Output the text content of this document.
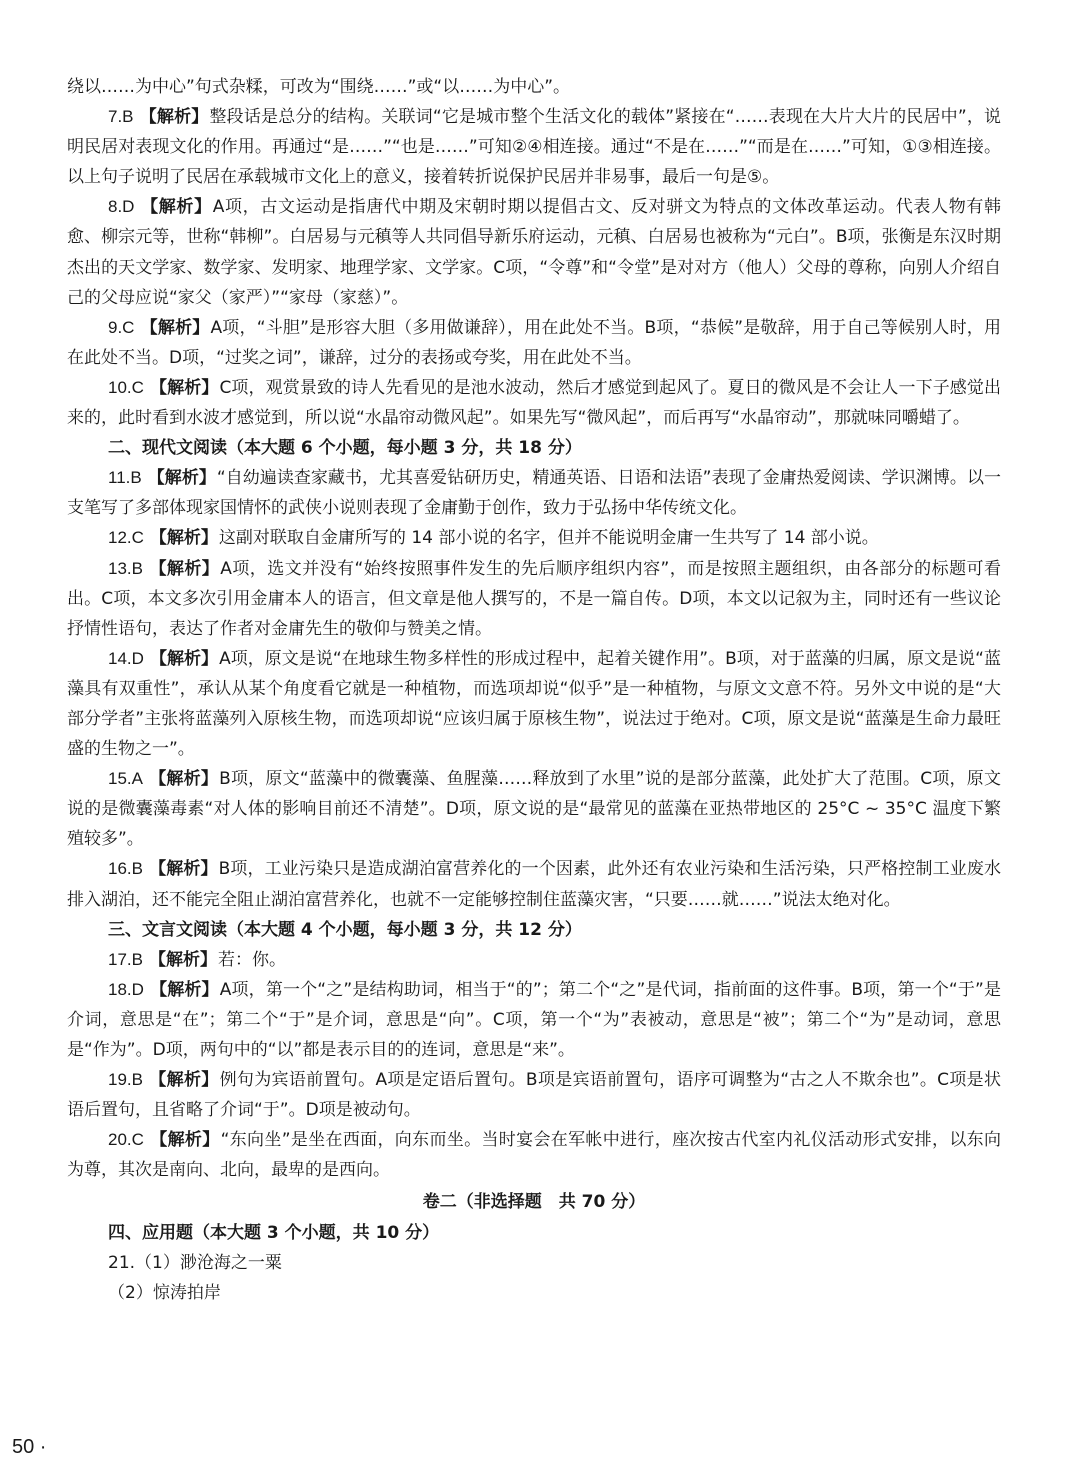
绕以……为中心”句式杂糅，可改为“围绕……”或“以……为中心”。

7.B 【解析】整段话是总分的结构。关联词“它是城市整个生活文化的载体”紧接在“……表现在大片大片的民居中”，说明民居对表现文化的作用。再通过“是……”“也是……”可知②④相连接。通过“不是在……”“而是在……”可知，①③相连接。以上句子说明了民居在承载城市文化上的意义，接着转折说保护民居并非易事，最后一句是⑤。

8.D 【解析】A项，古文运动是指唐代中期及宋朝时期以提倡古文、反对骈文为特点的文体改革运动。代表人物有韩愈、柳宗元等，世称“韩柳”。白居易与元稹等人共同倡导新乐府运动，元稹、白居易也被称为“元白”。B项，张衡是东汉时期杰出的天文学家、数学家、发明家、地理学家、文学家。C项，“令尊”和“令堂”是对对方（他人）父母的尊称，向别人介绍自己的父母应说“家父（家严）”“家母（家慈）”。

9.C 【解析】A项，“斗胆”是形容大胆（多用做谦辞），用在此处不当。B项，“恭候”是敬辞，用于自己等候别人时，用在此处不当。D项，“过奖之词”，谦辞，过分的表扬或夸奖，用在此处不当。

10.C 【解析】C项，观赏景致的诗人先看见的是池水波动，然后才感觉到起风了。夏日的微风是不会让人一下子感觉出来的，此时看到水波才感觉到，所以说“水晶帘动微风起”。如果先写“微风起”，而后再写“水晶帘动”，那就味同嚼蜡了。

二、现代文阅读（本大题 6 个小题，每小题 3 分，共 18 分）

11.B 【解析】“自幼遍读查家藏书，尤其喜爱钻研历史，精通英语、日语和法语”表现了金庸热爱阅读、学识渊博。以一支笔写了多部体现家国情怀的武侠小说则表现了金庸勤于创作，致力于弘扬中华传统文化。

12.C 【解析】这副对联取自金庸所写的 14 部小说的名字，但并不能说明金庸一生共写了 14 部小说。

13.B 【解析】A项，选文并没有“始终按照事件发生的先后顺序组织内容”，而是按照主题组织，由各部分的标题可看出。C项，本文多次引用金庸本人的语言，但文章是他人撰写的，不是一篇自传。D项，本文以记叙为主，同时还有一些议论抒情性语句，表达了作者对金庸先生的敬仰与赞美之情。

14.D 【解析】A项，原文是说“在地球生物多样性的形成过程中，起着关键作用”。B项，对于蓝藻的归属，原文是说“蓝藻具有双重性”，承认从某个角度看它就是一种植物，而选项却说“似乎”是一种植物，与原文文意不符。另外文中说的是“大部分学者”主张将蓝藻列入原核生物，而选项却说“应该归属于原核生物”，说法过于绝对。C项，原文是说“蓝藻是生命力最旺盛的生物之一”。

15.A 【解析】B项，原文“蓝藻中的微囊藻、鱼腥藻……释放到了水里”说的是部分蓝藻，此处扩大了范围。C项，原文说的是微囊藻毒素“对人体的影响目前还不清楚”。D项，原文说的是“最常见的蓝藻在亚热带地区的 25°C ~ 35°C 温度下繁殖较多”。

16.B 【解析】B项，工业污染只是造成湖泊富营养化的一个因素，此外还有农业污染和生活污染，只严格控制工业废水排入湖泊，还不能完全阻止湖泊富营养化，也就不一定能够控制住蓝藻灾害，“只要……就……”说法太绝对化。

三、文言文阅读（本大题 4 个小题，每小题 3 分，共 12 分）

17.B 【解析】若：你。

18.D 【解析】A项，第一个“之”是结构助词，相当于“的”；第二个“之”是代词，指前面的这件事。B项，第一个“于”是介词，意思是“在”；第二个“于”是介词，意思是“向”。C项，第一个“为”表被动，意思是“被”；第二个“为”是动词，意思是“作为”。D项，两句中的“以”都是表示目的的连词，意思是“来”。

19.B 【解析】例句为宾语前置句。A项是定语后置句。B项是宾语前置句，语序可调整为“古之人不欺余也”。C项是状语后置句，且省略了介词“于”。D项是被动句。

20.C 【解析】“东向坐”是坐在西面，向东而坐。当时宴会在军帐中进行，座次按古代室内礼仪活动形式安排，以东向为尊，其次是南向、北向，最卑的是西向。

卷二（非选择题　共 70 分）

四、应用题（本大题 3 个小题，共 10 分）

21.（1）渺沧海之一粟

（2）惊涛拍岸

50 ·
